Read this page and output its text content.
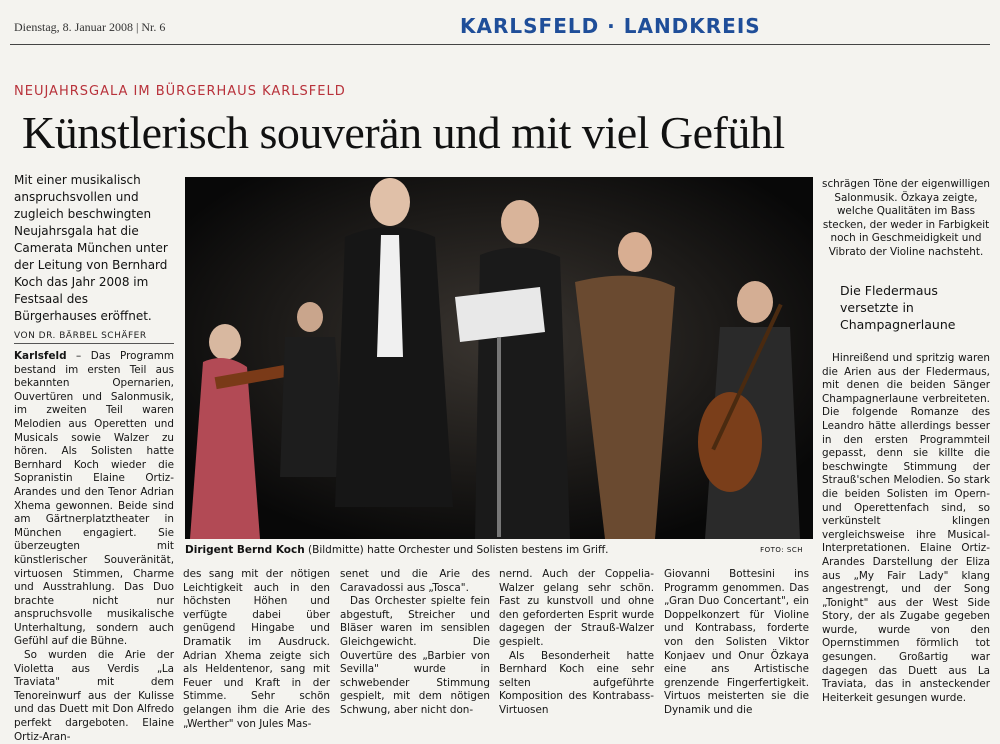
Dienstag, 8. Januar 2008 | Nr. 6	KARLSFELD · LANDKREIS
NEUJAHRSGALA IM BÜRGERHAUS KARLSFELD
Künstlerisch souverän und mit viel Gefühl
Mit einer musikalisch anspruchsvollen und zugleich beschwingten Neujahrsgala hat die Camerata München unter der Leitung von Bernhard Koch das Jahr 2008 im Festsaal des Bürgerhauses eröffnet.
VON DR. BÄRBEL SCHÄFER

Karlsfeld – Das Programm bestand im ersten Teil aus bekannten Opernarien, Ouvertüren und Salonmusik, im zweiten Teil waren Melodien aus Operetten und Musicals sowie Walzer zu hören. Als Solisten hatte Bernhard Koch wieder die Sopranistin Elaine Ortiz-Arandes und den Tenor Adrian Xhema gewonnen. Beide sind am Gärtnerplatztheater in München engagiert. Sie überzeugten mit künstlerischer Souveränität, virtuosen Stimmen, Charme und Ausstrahlung. Das Duo brachte nicht nur anspruchsvolle musikalische Unterhaltung, sondern auch Gefühl auf die Bühne.

So wurden die Arie der Violetta aus Verdis „La Traviata" mit dem Tenoreinwurf aus der Kulisse und das Duett mit Don Alfredo perfekt dargeboten. Elaine Ortiz-Aran-

Dirigent Bernd Koch (Bildmitte) hatte Orchester und Solisten bestens im Griff.	FOTO: SCH

des sang mit der nötigen Leichtigkeit auch in den höchsten Höhen und verfügte dabei über genügend Hingabe und Dramatik im Ausdruck. Adrian Xhema zeigte sich als Heldentenor, sang mit Feuer und Kraft in der Stimme. Sehr schön gelangen ihm die Arie des „Werther" von Jules Mas-

senet und die Arie des Caravadossi aus „Tosca".

Das Orchester spielte fein abgestuft, Streicher und Bläser waren im sensiblen Gleichgewicht. Die Ouvertüre des „Barbier von Sevilla" wurde in schwebender Stimmung gespielt, mit dem nötigen Schwung, aber nicht don-

nernd. Auch der Coppelia-Walzer gelang sehr schön. Fast zu kunstvoll und ohne den geforderten Esprit wurde dagegen der Strauß-Walzer gespielt.

Als Besonderheit hatte Bernhard Koch eine sehr selten aufgeführte Komposition des Kontrabass-Virtuosen

Giovanni Bottesini ins Programm genommen. Das „Gran Duo Concertant", ein Doppelkonzert für Violine und Kontrabass, forderte von den Solisten Viktor Konjaev und Onur Özkaya eine ans Artistische grenzende Fingerfertigkeit. Virtuos meisterten sie die Dynamik und die

schrägen Töne der eigenwilligen Salonmusik. Özkaya zeigte, welche Qualitäten im Bass stecken, der weder in Farbigkeit noch in Geschmeidigkeit und Vibrato der Violine nachsteht.

Die Fledermaus versetzte in Champagnerlaune

Hinreißend und spritzig waren die Arien aus der Fledermaus, mit denen die beiden Sänger Champagnerlaune verbreiteten. Die folgende Romanze des Leandro hätte allerdings besser in den ersten Programmteil gepasst, denn sie killte die beschwingte Stimmung der Strauß'schen Melodien. So stark die beiden Solisten im Opern- und Operettenfach sind, so verkünstelt klingen vergleichsweise ihre Musical-Interpretationen. Elaine Ortiz-Arandes Darstellung der Eliza aus „My Fair Lady" klang angestrengt, und der Song „Tonight" aus der West Side Story, der als Zugabe gegeben wurde, wurde von den Opernstimmen förmlich tot gesungen. Großartig war dagegen das Duett aus La Traviata, das in ansteckender Heiterkeit gesungen wurde.
